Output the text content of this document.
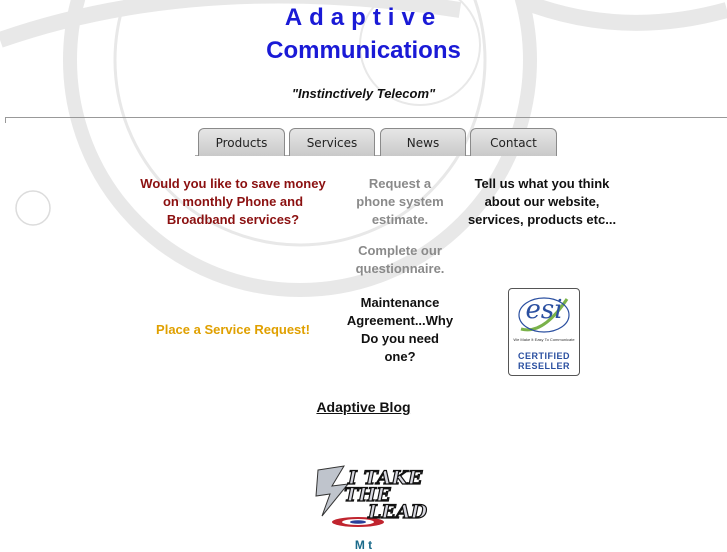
Adaptive
Communications
"Instinctively Telecom"
Products	Services	News	Contact
Would you like to save money
on monthly Phone and
Broadband services?
Request a
phone system
estimate.
Tell us what you think
about our website,
services, products etc...
Complete our
questionnaire.
Place a Service Request!
Maintenance
Agreement...Why
Do you need
one?
esi
We Make It Easy To Communicate
CERTIFIED
RESELLER
Adaptive Blog
I TAKE
THE
LEAD
M t
